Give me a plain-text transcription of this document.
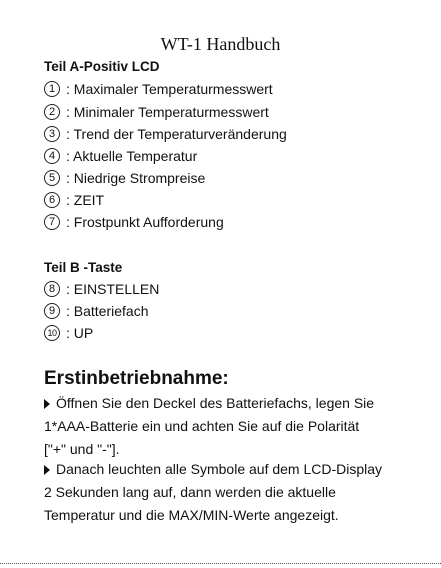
WT-1 Handbuch
Teil A-Positiv LCD
1 : Maximaler Temperaturmesswert
2 : Minimaler Temperaturmesswert
3 : Trend der Temperaturveränderung
4 : Aktuelle Temperatur
5 : Niedrige Strompreise
6 : ZEIT
7 : Frostpunkt Aufforderung
Teil B -Taste
8 : EINSTELLEN
9 : Batteriefach
10 : UP
Erstinbetriebnahme:
Öffnen Sie den Deckel des Batteriefachs, legen Sie
1*AAA-Batterie ein und achten Sie auf die Polarität
["+" und "-"].
Danach leuchten alle Symbole auf dem LCD-Display
2 Sekunden lang auf, dann werden die aktuelle
Temperatur und die MAX/MIN-Werte angezeigt.
